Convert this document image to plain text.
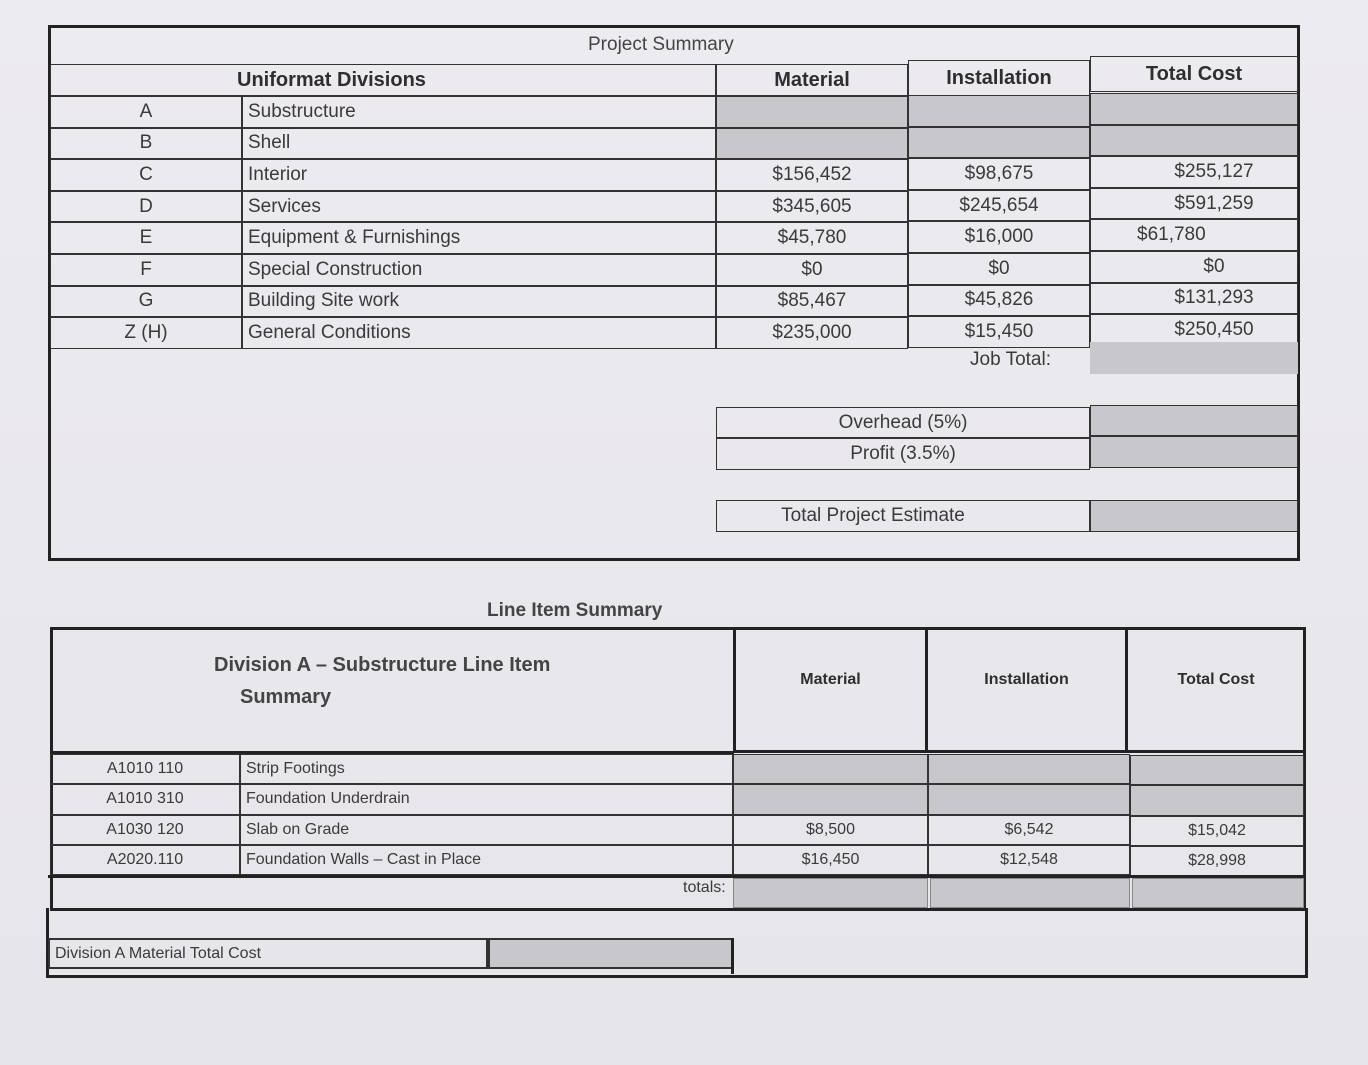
Project Summary
Uniformat Divisions	Material	Installation	Total Cost
A	Substructure
B	Shell
C	Interior	$156,452	$98,675	$255,127
D	Services	$345,605	$245,654	$591,259
E	Equipment & Furnishings	$45,780	$16,000	$61,780
F	Special Construction	$0	$0	$0
G	Building Site work	$85,467	$45,826	$131,293
Z (H)	General Conditions	$235,000	$15,450	$250,450
Job Total:
Overhead (5%)
Profit (3.5%)
Total Project Estimate
Line Item Summary
Division A – Substructure Line Item
Summary
Material	Installation	Total Cost
A1010 110	Strip Footings
A1010 310	Foundation Underdrain
A1030 120	Slab on Grade	$8,500	$6,542	$15,042
A2020.110	Foundation Walls – Cast in Place	$16,450	$12,548	$28,998
totals:
Division A Material Total Cost
